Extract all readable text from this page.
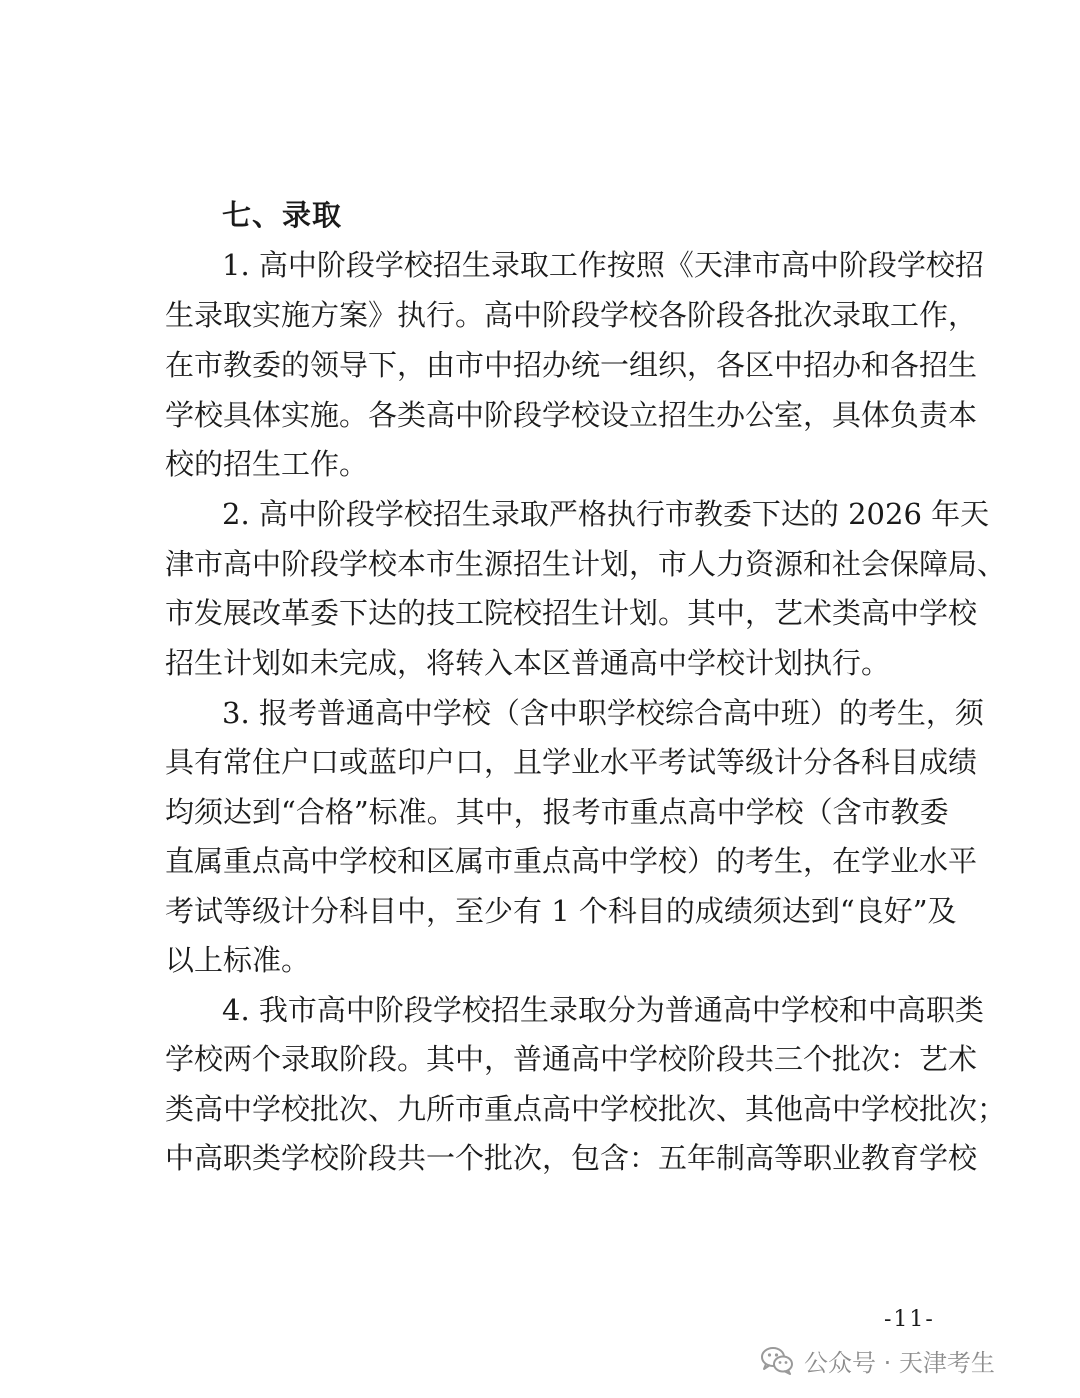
七、录取
1. 高中阶段学校招生录取工作按照《天津市高中阶段学校招
生录取实施方案》执行。高中阶段学校各阶段各批次录取工作，
在市教委的领导下，由市中招办统一组织，各区中招办和各招生
学校具体实施。各类高中阶段学校设立招生办公室，具体负责本
校的招生工作。
2. 高中阶段学校招生录取严格执行市教委下达的 2026 年天
津市高中阶段学校本市生源招生计划，市人力资源和社会保障局、
市发展改革委下达的技工院校招生计划。其中，艺术类高中学校
招生计划如未完成，将转入本区普通高中学校计划执行。
3. 报考普通高中学校（含中职学校综合高中班）的考生，须
具有常住户口或蓝印户口，且学业水平考试等级计分各科目成绩
均须达到“合格”标准。其中，报考市重点高中学校（含市教委
直属重点高中学校和区属市重点高中学校）的考生，在学业水平
考试等级计分科目中，至少有 1 个科目的成绩须达到“良好”及
以上标准。
4. 我市高中阶段学校招生录取分为普通高中学校和中高职类
学校两个录取阶段。其中，普通高中学校阶段共三个批次：艺术
类高中学校批次、九所市重点高中学校批次、其他高中学校批次；
中高职类学校阶段共一个批次，包含：五年制高等职业教育学校
-11-
公众号 · 天津考生
